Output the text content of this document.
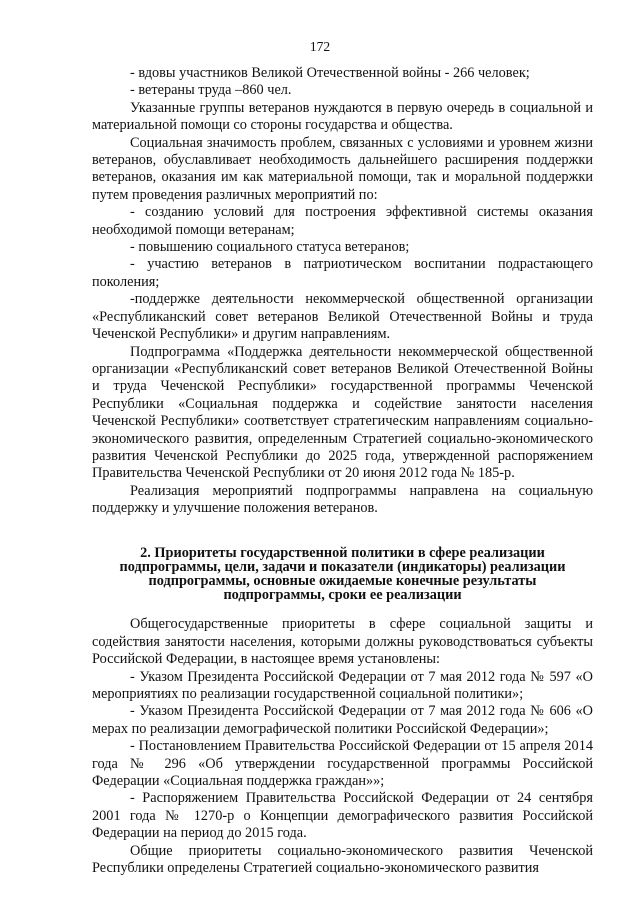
172

- вдовы участников Великой Отечественной войны - 266 человек;

- ветераны труда –860 чел.

Указанные группы ветеранов нуждаются в первую очередь в социальной и материальной помощи со стороны государства и общества.

Социальная значимость проблем, связанных с условиями и уровнем жизни ветеранов, обуславливает необходимость дальнейшего расширения поддержки ветеранов, оказания им как материальной помощи, так и моральной поддержки путем проведения различных мероприятий по:

- созданию условий для построения эффективной системы оказания необходимой помощи ветеранам;

- повышению социального статуса ветеранов;

- участию ветеранов в патриотическом воспитании подрастающего поколения;

-поддержке деятельности некоммерческой общественной организации «Республиканский совет ветеранов Великой Отечественной Войны и труда Чеченской Республики» и другим направлениям.

Подпрограмма «Поддержка деятельности некоммерческой общественной организации «Республиканский совет ветеранов Великой Отечественной Войны и труда Чеченской Республики» государственной программы Чеченской Республики «Социальная поддержка и содействие занятости населения Чеченской Республики» соответствует стратегическим направлениям социально-экономического развития, определенным Стратегией социально-экономического развития Чеченской Республики до 2025 года, утвержденной распоряжением Правительства Чеченской Республики от 20 июня 2012 года № 185-р.

Реализация мероприятий подпрограммы направлена на социальную поддержку и улучшение положения ветеранов.

2. Приоритеты государственной политики в сфере реализации
подпрограммы, цели, задачи и показатели (индикаторы) реализации
подпрограммы, основные ожидаемые конечные результаты
подпрограммы, сроки ее реализации

Общегосударственные приоритеты в сфере социальной защиты и содействия занятости населения, которыми должны руководствоваться субъекты Российской Федерации, в настоящее время установлены:

- Указом Президента Российской Федерации от 7 мая 2012 года № 597 «О мероприятиях по реализации государственной социальной политики»;

- Указом Президента Российской Федерации от 7 мая 2012 года № 606 «О мерах по реализации демографической политики Российской Федерации»;

- Постановлением Правительства Российской Федерации от 15 апреля 2014 года № 296 «Об утверждении государственной программы Российской Федерации «Социальная поддержка граждан»»;

- Распоряжением Правительства Российской Федерации от 24 сентября 2001 года № 1270-р о Концепции демографического развития Российской Федерации на период до 2015 года.

Общие приоритеты социально-экономического развития Чеченской Республики определены Стратегией социально-экономического развития
